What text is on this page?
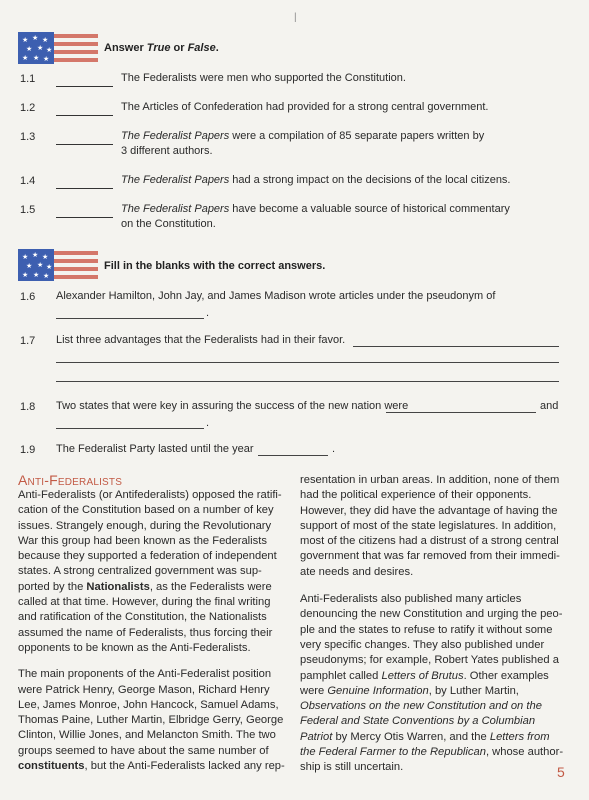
|
★ ★ ★
★ ★ ★
★ ★ ★
Answer True or False.
1.1	The Federalists were men who supported the Constitution.
1.2	The Articles of Confederation had provided for a strong central government.
1.3	The Federalist Papers were a compilation of 85 separate papers written by
3 different authors.
1.4	The Federalist Papers had a strong impact on the decisions of the local citizens.
1.5	The Federalist Papers have become a valuable source of historical commentary
on the Constitution.
★ ★ ★
★ ★ ★
★ ★ ★
Fill in the blanks with the correct answers.
1.6 Alexander Hamilton, John Jay, and James Madison wrote articles under the pseudonym of
.
1.7 List three advantages that the Federalists had in their favor.
1.8 Two states that were key in assuring the success of the new nation were	and
.
1.9 The Federalist Party lasted until the year	.
Anti-Federalists

Anti-Federalists (or Antifederalists) opposed the ratifi-
cation of the Constitution based on a number of key
issues. Strangely enough, during the Revolutionary
War this group had been known as the Federalists
because they supported a federation of independent
states. A strong centralized government was sup-
ported by the Nationalists, as the Federalists were
called at that time. However, during the final writing
and ratification of the Constitution, the Nationalists
assumed the name of Federalists, thus forcing their
opponents to be known as the Anti-Federalists.

The main proponents of the Anti-Federalist position
were Patrick Henry, George Mason, Richard Henry
Lee, James Monroe, John Hancock, Samuel Adams,
Thomas Paine, Luther Martin, Elbridge Gerry, George
Clinton, Willie Jones, and Melancton Smith. The two
groups seemed to have about the same number of
constituents, but the Anti-Federalists lacked any rep-

resentation in urban areas. In addition, none of them
had the political experience of their opponents.
However, they did have the advantage of having the
support of most of the state legislatures. In addition,
most of the citizens had a distrust of a strong central
government that was far removed from their immedi-
ate needs and desires.

Anti-Federalists also published many articles
denouncing the new Constitution and urging the peo-
ple and the states to refuse to ratify it without some
very specific changes. They also published under
pseudonyms; for example, Robert Yates published a
pamphlet called Letters of Brutus. Other examples
were Genuine Information, by Luther Martin,
Observations on the new Constitution and on the
Federal and State Conventions by a Columbian
Patriot by Mercy Otis Warren, and the Letters from
the Federal Farmer to the Republican, whose author-
ship is still uncertain.	5
